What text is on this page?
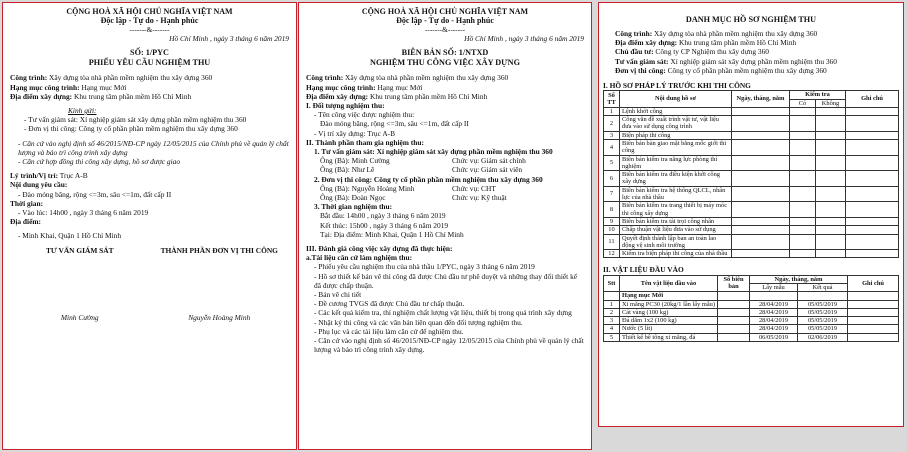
CỘNG HOÀ XÃ HỘI CHỦ NGHĨA VIỆT NAM
Độc lập - Tự do - Hạnh phúc
-------&-------
Hồ Chí Minh , ngày 3 tháng 6 năm 2019
SỐ: 1/PYC
PHIẾU YÊU CẦU NGHIỆM THU
Công trình: Xây dựng tòa nhà phần mềm nghiệm thu xây dựng 360
Hạng mục công trình: Hạng mục Mới
Địa điểm xây dựng: Khu trung tâm phần mềm Hồ Chí Minh
Kính gửi:
- Tư vấn giám sát: Xí nghiệp giám sát xây dựng phần mềm nghiệm thu 360
- Đơn vị thi công: Công ty cổ phần phần mềm nghiệm thu xây dựng 360
- Căn cứ vào nghị định số 46/2015/NĐ-CP ngày 12/05/2015 của Chính phủ về quản lý chất lượng và bảo trì công trình xây dựng
- Căn cứ hợp đồng thi công xây dựng, hồ sơ được giao
Lý trình/Vị trí: Trục A-B
Nội dung yêu cầu:
- Đào móng băng, rộng <=3m, sâu <=1m, đất cấp II
Thời gian:
- Vào lúc: 14h00 , ngày 3 tháng 6 năm 2019
Địa điểm:
- Minh Khai, Quận 1 Hồ Chí Minh
TƯ VẤN GIÁM SÁT	THÀNH PHẦN ĐƠN VỊ THI CÔNG
Minh Cường	Nguyễn Hoàng Minh
CỘNG HOÀ XÃ HỘI CHỦ NGHĨA VIỆT NAM
Độc lập - Tự do - Hạnh phúc
-------&-------
Hồ Chí Minh , ngày 3 tháng 6 năm 2019
BIÊN BẢN SỐ: 1/NTXD
NGHIỆM THU CÔNG VIỆC XÂY DỰNG
Công trình: Xây dựng tòa nhà phần mềm nghiệm thu xây dựng 360
Hạng mục công trình: Hạng mục Mới
Địa điểm xây dựng: Khu trung tâm phần mềm Hồ Chí Minh
I. Đối tượng nghiệm thu:
- Tên công việc được nghiệm thu:
Đào móng băng, rộng <=3m, sâu <=1m, đất cấp II
- Vị trí xây dựng: Trục A-B
II. Thành phần tham gia nghiệm thu:
1. Tư vấn giám sát: Xí nghiệp giám sát xây dựng phần mềm nghiệm thu 360
Ông (Bà): Minh Cường	Chức vụ: Giám sát chính
Ông (Bà): Như Lê	Chức vụ: Giám sát viên
2. Đơn vị thi công: Công ty cổ phần phần mềm nghiệm thu xây dựng 360
Ông (Bà): Nguyễn Hoàng Minh	Chức vụ: CHT
Ông (Bà): Đoàn Ngọc	Chức vụ: Kỹ thuật
3. Thời gian nghiệm thu:
Bắt đầu: 14h00 , ngày 3 tháng 6 năm 2019
Kết thúc: 15h00 , ngày 3 tháng 6 năm 2019
Tại: Địa điểm: Minh Khai, Quận 1 Hồ Chí Minh
III. Đánh giá công việc xây dựng đã thực hiện:
a.Tài liệu căn cứ làm nghiệm thu:
- Phiếu yêu cầu nghiệm thu của nhà thầu 1/PYC, ngày 3 tháng 6 năm 2019
- Hồ sơ thiết kế bản vẽ thi công đã được Chủ đầu tư phê duyệt và những thay đổi thiết kế đã được chấp thuận.
- Bản vẽ chi tiết
- Đề cương TVGS đã được Chủ đầu tư chấp thuận.
- Các kết quả kiểm tra, thí nghiệm chất lượng vật liệu, thiết bị trong quá trình xây dựng
- Nhật ký thi công và các văn bản liên quan đến đối tượng nghiệm thu.
- Phụ lục và các tài liệu làm căn cứ để nghiệm thu.
- Căn cứ vào nghị định số 46/2015/NĐ-CP ngày 12/05/2015 của Chính phủ về quản lý chất lượng và bảo trì công trình xây dựng.
DANH MỤC HỒ SƠ NGHIỆM THU
Công trình: Xây dựng tòa nhà phần mềm nghiệm thu xây dựng 360
Địa điểm xây dựng: Khu trung tâm phần mềm Hồ Chí Minh
Chủ đầu tư: Công ty CP Nghiệm thu xây dựng 360
Tư vấn giám sát: Xí nghiệp giám sát xây dựng phần mềm nghiệm thu 360
Đơn vị thi công: Công ty cổ phần phần mềm nghiệm thu xây dựng 360
I. HỒ SƠ PHÁP LÝ TRƯỚC KHI THI CÔNG
Số TT	Nội dung hồ sơ	Ngày, tháng, năm	Kiểm tra		Ghi chú
			Có	Không	
1	Lệnh khởi công				
2	Công văn đề xuất trình vật tư, vật liệu đưa vào sử dụng công trình				
3	Biện pháp thi công				
4	Biên bản bàn giao mặt bằng mốc giới thi công				
5	Biên bản kiểm tra năng lực phòng thí nghiệm				
6	Biên bản kiểm tra điều kiện khởi công xây dựng				
7	Biên bản kiểm tra hệ thống QLCL, nhân lực của nhà thầu				
8	Biên bản kiểm tra trang thiết bị máy móc thi công xây dựng				
9	Biên bản kiểm tra tài trọi công nhân				
10	Chấp thuận vật liệu đưa vào sử dụng				
11	Quyết định thành lập ban an toàn lao động vệ sinh môi trường				
12	Kiểm tra biện pháp thi công của nhà thầu				
II. VẬT LIỆU ĐẦU VÀO
Stt	Tên vật liệu đầu vào	Số biên bản	Ngày, tháng, năm		Ghi chú
			Lấy mẫu	Kết quả	
	Hạng mục Mới				
1	Xi măng PC30 (20kg/1 lần lấy mẫu)		28/04/2019	05/05/2019	
2	Cát vàng (100 kg)		28/04/2019	05/05/2019	
3	Đá dăm 1x2 (100 kg)		28/04/2019	05/05/2019	
4	Nước (5 lít)		28/04/2019	05/05/2019	
5	Thiết kế bê tông xi măng, đá		06/05/2019	02/06/2019	
